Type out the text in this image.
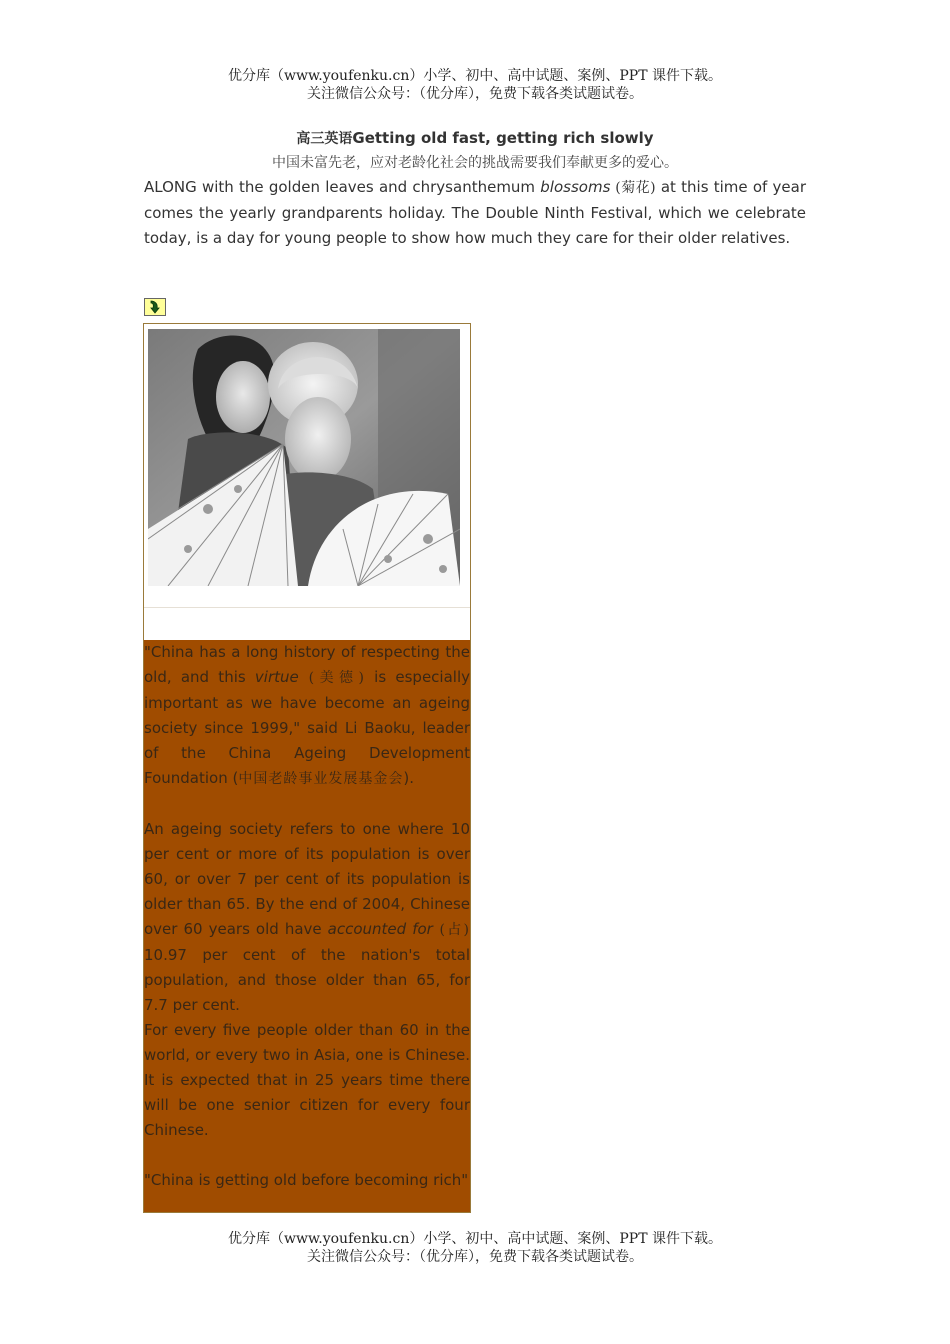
优分库（www.youfenku.cn）小学、初中、高中试题、案例、PPT 课件下载。
关注微信公众号：（优分库），免费下载各类试题试卷。
高三英语Getting old fast, getting rich slowly
中国未富先老，应对老龄化社会的挑战需要我们奉献更多的爱心。
ALONG with the golden leaves and chrysanthemum blossoms (菊花) at this time of year comes the yearly grandparents holiday. The Double Ninth Festival, which we celebrate today, is a day for young people to show how much they care for their older relatives.

"China has a long history of respecting the old, and this virtue (美德) is especially important as we have become an ageing society since 1999," said Li Baoku, leader of the China Ageing Development Foundation (中国老龄事业发展基金会).

An ageing society refers to one where 10 per cent or more of its population is over 60, or over 7 per cent of its population is older than 65. By the end of 2004, Chinese over 60 years old have accounted for (占) 10.97 per cent of the nation's total population, and those older than 65, for 7.7 per cent.

For every five people older than 60 in the world, or every two in Asia, one is Chinese. It is expected that in 25 years time there will be one senior citizen for every four Chinese.

"China is getting old before becoming rich"

优分库（www.youfenku.cn）小学、初中、高中试题、案例、PPT 课件下载。
关注微信公众号：（优分库），免费下载各类试题试卷。
